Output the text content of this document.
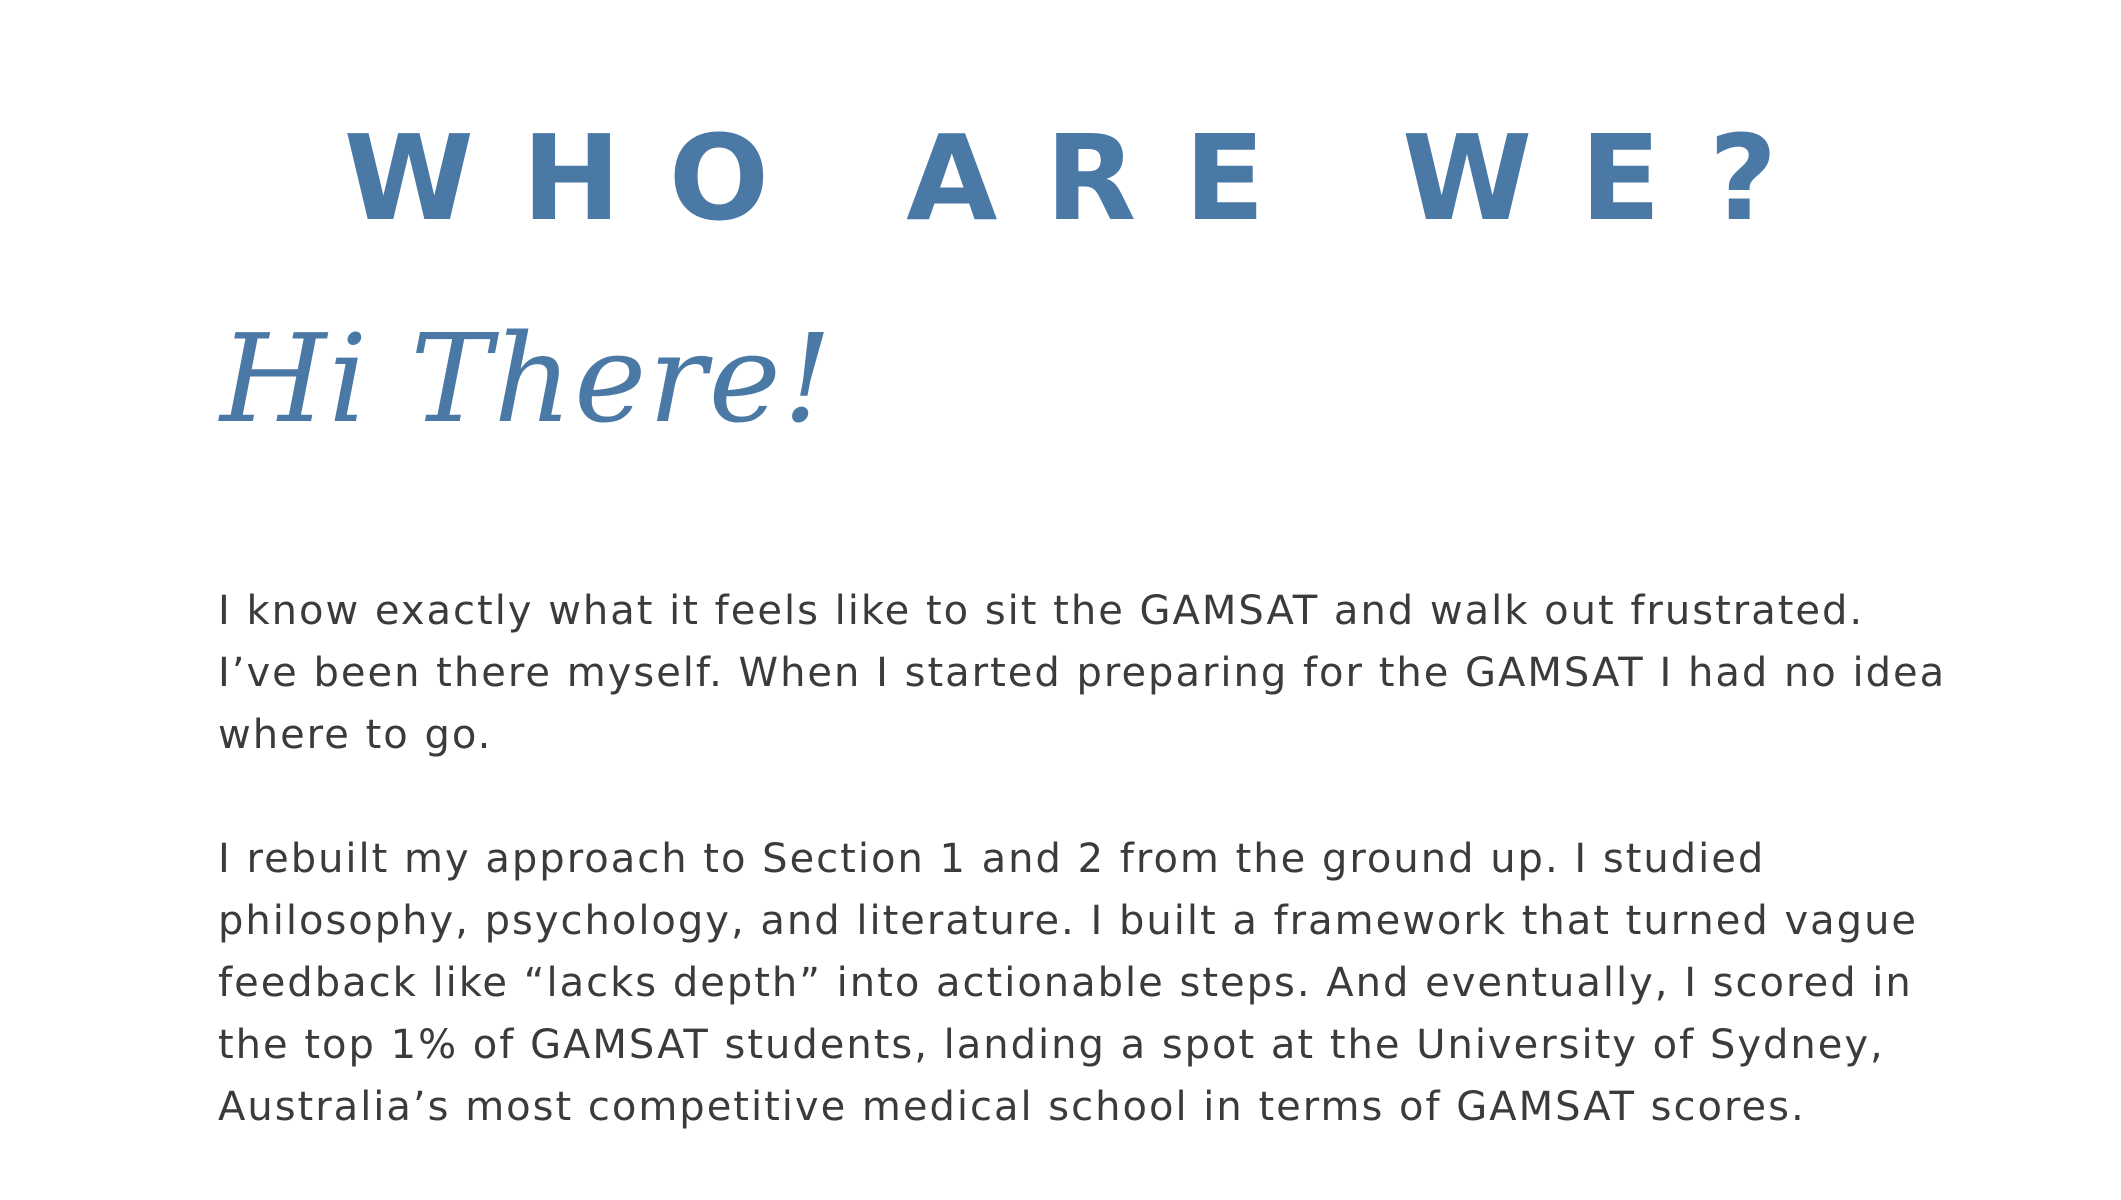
WHO ARE WE?
Hi There!

I know exactly what it feels like to sit the GAMSAT and walk out frustrated. I’ve been there myself. When I started preparing for the GAMSAT I had no idea where to go.

I rebuilt my approach to Section 1 and 2 from the ground up. I studied philosophy, psychology, and literature. I built a framework that turned vague feedback like “lacks depth” into actionable steps. And eventually, I scored in the top 1% of GAMSAT students, landing a spot at the University of Sydney, Australia’s most competitive medical school in terms of GAMSAT scores.
